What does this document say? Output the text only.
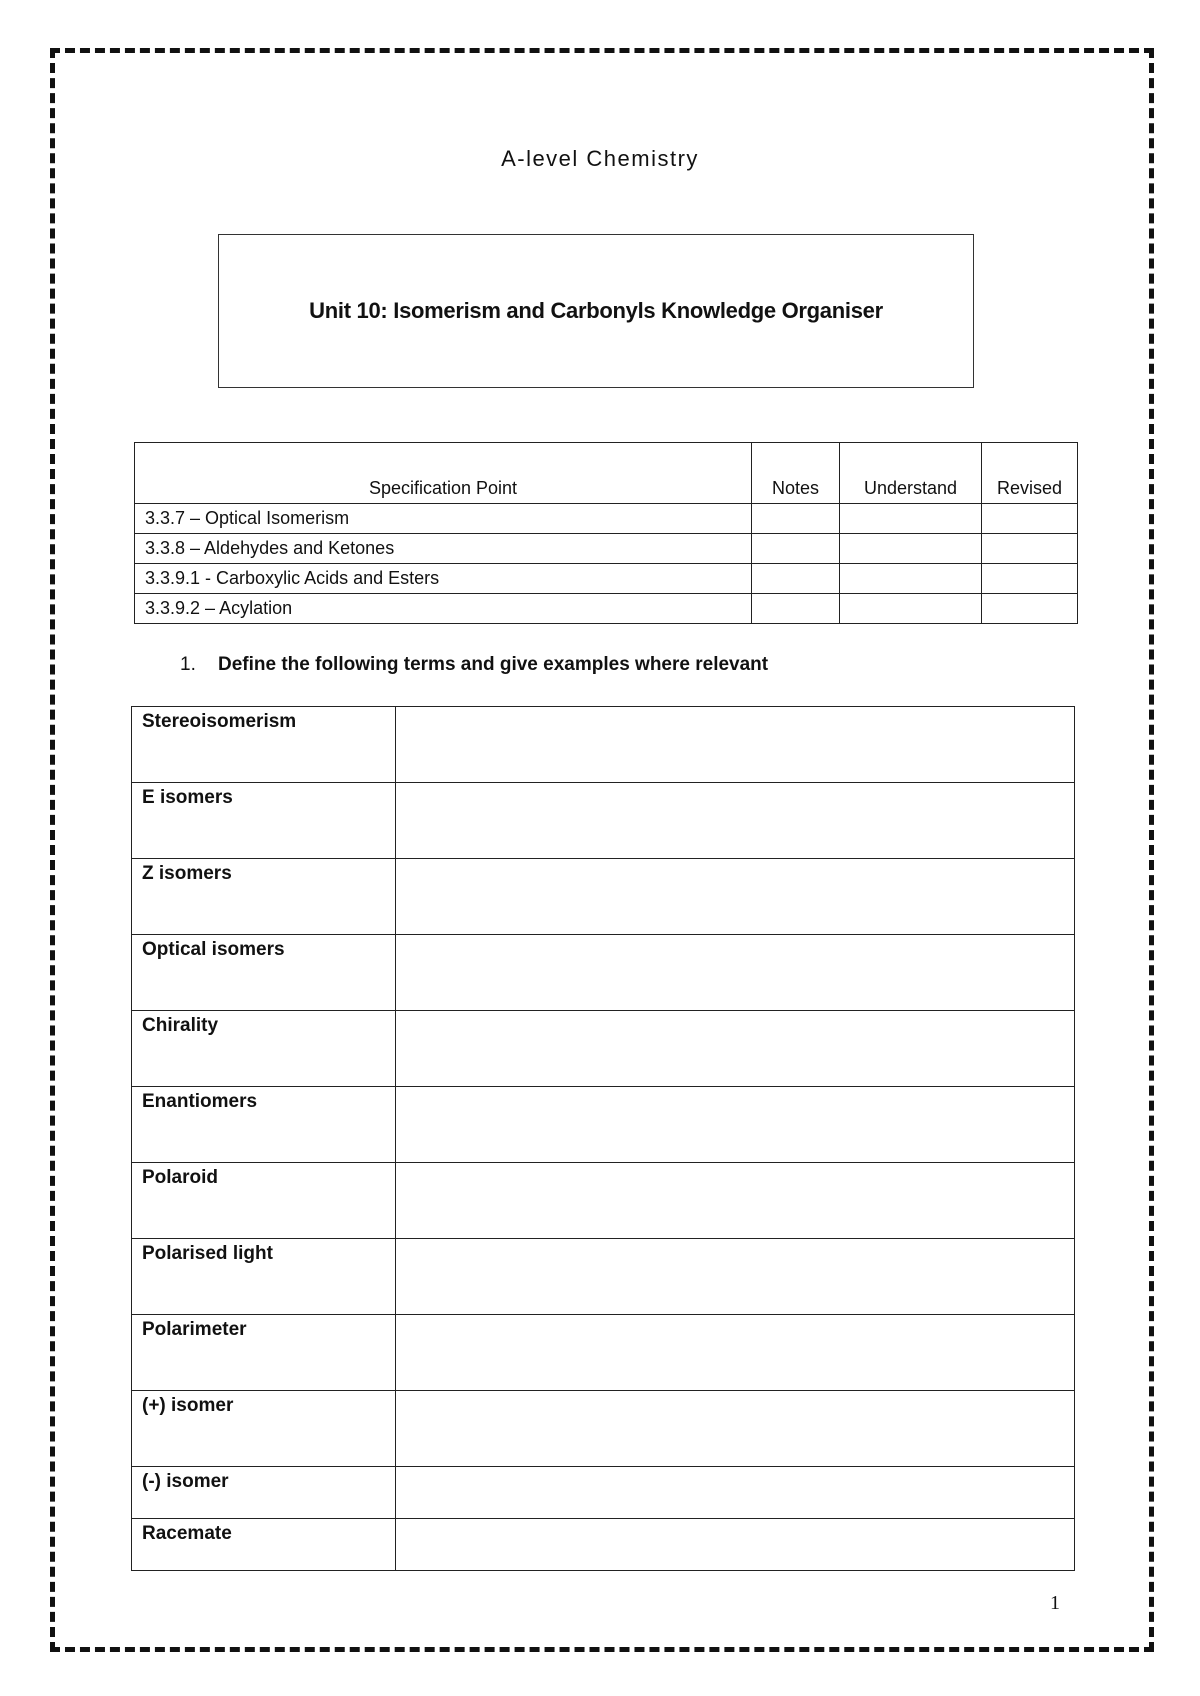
A-level Chemistry
Unit 10: Isomerism and Carbonyls Knowledge Organiser
Specification Point	Notes	Understand	Revised
3.3.7 – Optical Isomerism			
3.3.8 – Aldehydes and Ketones			
3.3.9.1 - Carboxylic Acids and Esters			
3.3.9.2 – Acylation			
1. Define the following terms and give examples where relevant
Stereoisomerism	
E isomers	
Z isomers	
Optical isomers	
Chirality	
Enantiomers	
Polaroid	
Polarised light	
Polarimeter	
(+) isomer	
(-) isomer	
Racemate	
1
